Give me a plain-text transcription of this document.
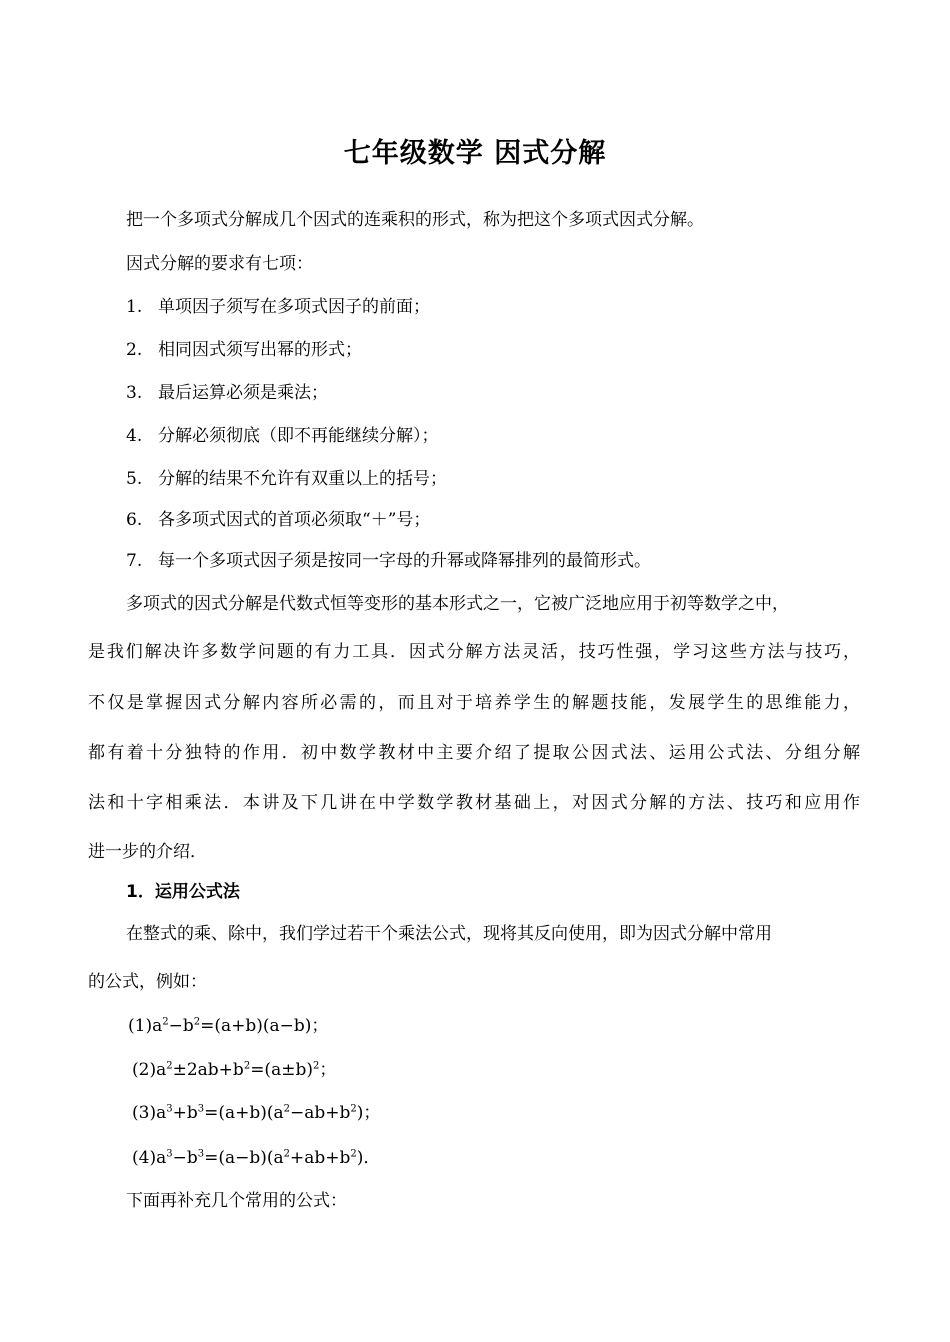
七年级数学 因式分解
把一个多项式分解成几个因式的连乘积的形式，称为把这个多项式因式分解。
因式分解的要求有七项：
1. 单项因子须写在多项式因子的前面；
2. 相同因式须写出幂的形式；
3. 最后运算必须是乘法；
4. 分解必须彻底（即不再能继续分解）；
5. 分解的结果不允许有双重以上的括号；
6. 各多项式因式的首项必须取“＋”号；
7. 每一个多项式因子须是按同一字母的升幂或降幂排列的最简形式。
多项式的因式分解是代数式恒等变形的基本形式之一，它被广泛地应用于初等数学之中，
是我们解决许多数学问题的有力工具．因式分解方法灵活，技巧性强，学习这些方法与技巧，
不仅是掌握因式分解内容所必需的，而且对于培养学生的解题技能，发展学生的思维能力，
都有着十分独特的作用．初中数学教材中主要介绍了提取公因式法、运用公式法、分组分解
法和十字相乘法．本讲及下几讲在中学数学教材基础上，对因式分解的方法、技巧和应用作
进一步的介绍．
1．运用公式法
在整式的乘、除中，我们学过若干个乘法公式，现将其反向使用，即为因式分解中常用
的公式，例如：
$(1)a^2-b^2=(a+b)(a-b)$；
$(2)a^2\pm 2ab+b^2=(a\pm b)^2$；
$(3)a^3+b^3=(a+b)(a^2-ab+b^2)$；
$(4)a^3-b^3=(a-b)(a^2+ab+b^2)$．
下面再补充几个常用的公式：
